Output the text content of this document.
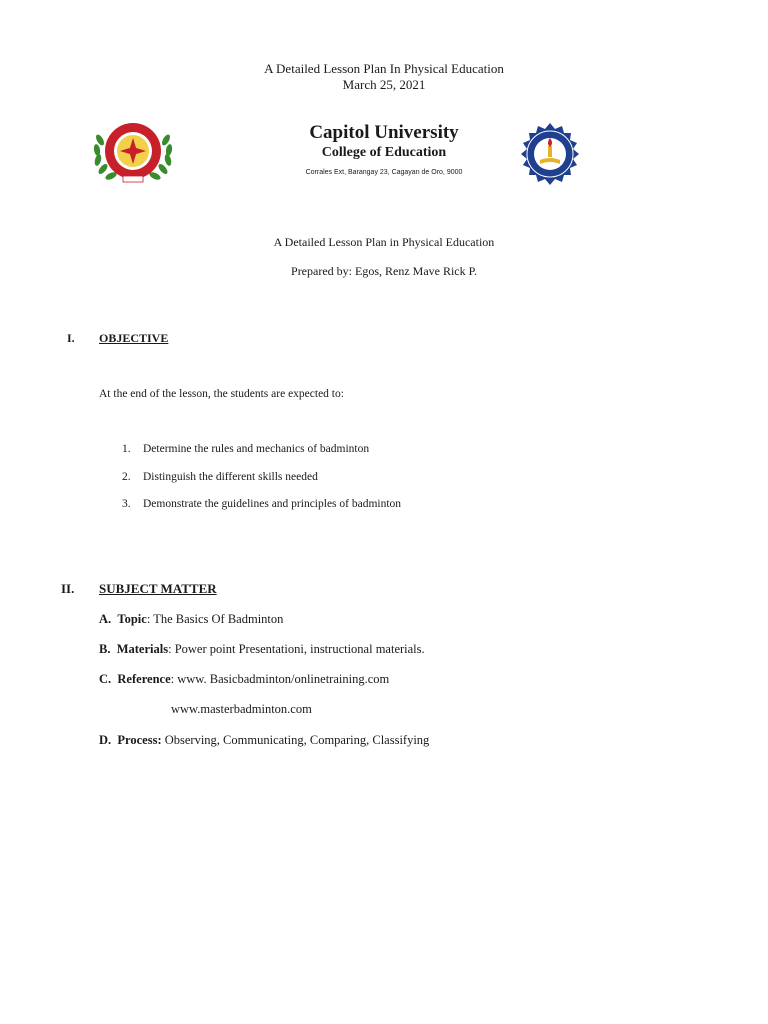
A Detailed Lesson Plan In Physical Education
March 25, 2021
Capitol University
College of Education
Corrales Ext, Barangay 23, Cagayan de Oro, 9000
A Detailed Lesson Plan in Physical Education
Prepared by: Egos, Renz Mave Rick P.
I. OBJECTIVE
At the end of the lesson, the students are expected to:
1. Determine the rules and mechanics of badminton
2. Distinguish the different skills needed
3. Demonstrate the guidelines and principles of badminton
II. SUBJECT MATTER
A. Topic: The Basics Of Badminton
B. Materials: Power point Presentationi, instructional materials.
C. Reference: www. Basicbadminton/onlinetraining.com
www.masterbadminton.com
D. Process: Observing, Communicating, Comparing, Classifying
